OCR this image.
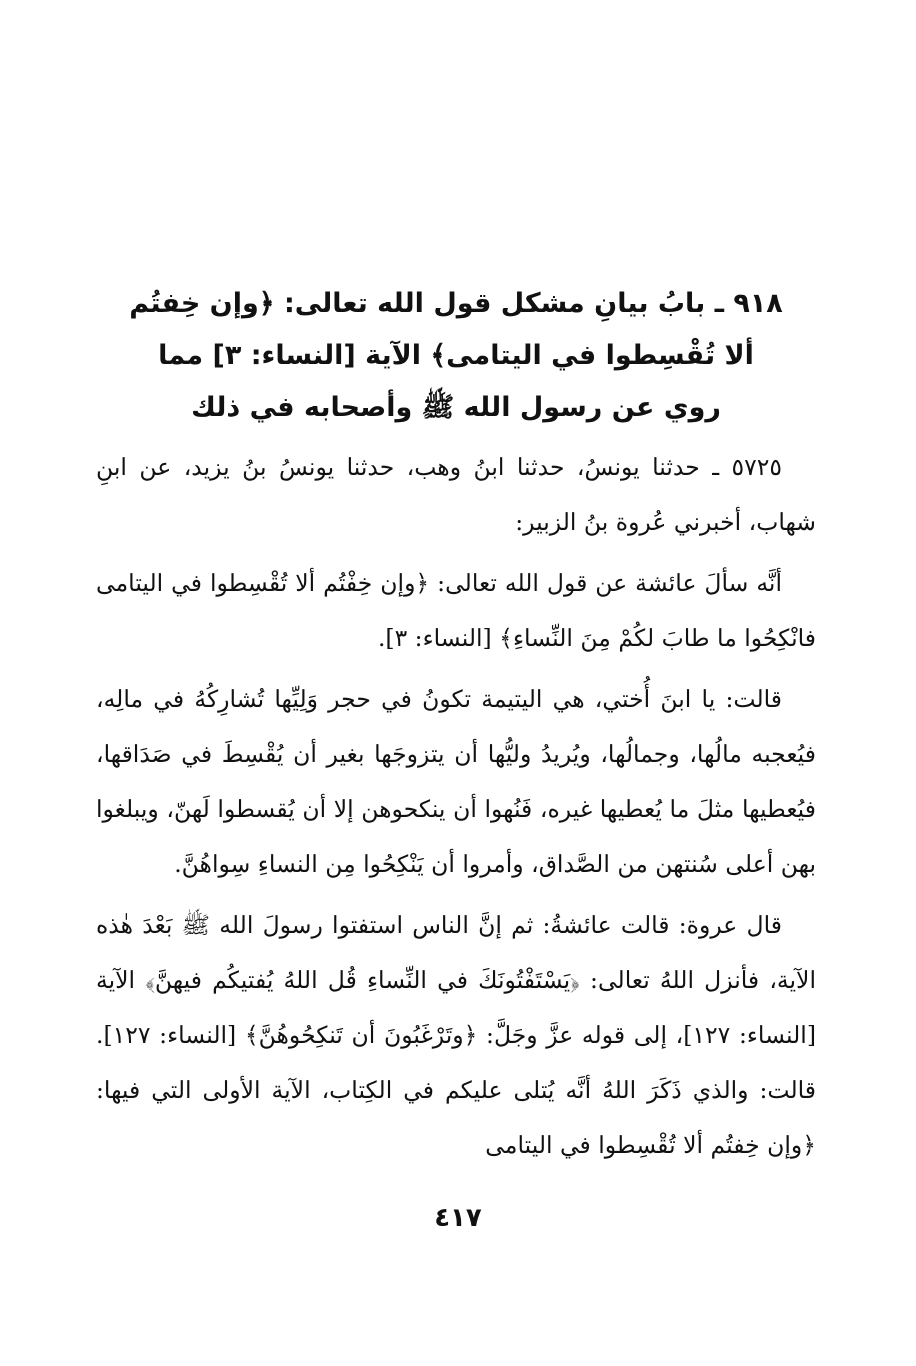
٩١٨ ـ بابُ بيانِ مشكل قول الله تعالى: ﴿وإن خِفتُم
ألا تُقْسِطوا في اليتامى﴾ الآية [النساء: ٣] مما
روي عن رسول الله ﷺ وأصحابه في ذلك

٥٧٢٥ ـ حدثنا يونسُ، حدثنا ابنُ وهب، حدثنا يونسُ بنُ يزيد، عن ابنِ شهاب، أخبرني عُروة بنُ الزبير:

أنَّه سألَ عائشة عن قول الله تعالى: ﴿وإن خِفْتُم ألا تُقْسِطوا في اليتامى فانْكِحُوا ما طابَ لكُمْ مِنَ النِّساءِ﴾ [النساء: ٣].

قالت: يا ابنَ أُختي، هي اليتيمة تكونُ في حجر وَلِيِّها تُشارِكُهُ في مالِه، فيُعجبه مالُها، وجمالُها، ويُريدُ وليُّها أن يتزوجَها بغير أن يُقْسِطَ في صَدَاقها، فيُعطيها مثلَ ما يُعطيها غيره، فَنُهوا أن ينكحوهن إلا أن يُقسطوا لَهنّ، ويبلغوا بهن أعلى سُنتهن من الصَّداق، وأمروا أن يَنْكِحُوا مِن النساءِ سِواهُنَّ.

قال عروة: قالت عائشةُ: ثم إنَّ الناس استفتوا رسولَ الله ﷺ بَعْدَ هٰذه الآية، فأنزل اللهُ تعالى: ﴿يَسْتَفْتُونَكَ في النِّساءِ قُل اللهُ يُفتيكُم فيهنَّ﴾ الآية [النساء: ١٢٧]، إلى قوله عزَّ وجَلَّ: ﴿وتَرْغَبُونَ أن تَنكِحُوهُنَّ﴾ [النساء: ١٢٧]. قالت: والذي ذَكَرَ اللهُ أنَّه يُتلى عليكم في الكِتاب، الآية الأولى التي فيها: ﴿وإن خِفتُم ألا تُقْسِطوا في اليتامى

٤١٧
